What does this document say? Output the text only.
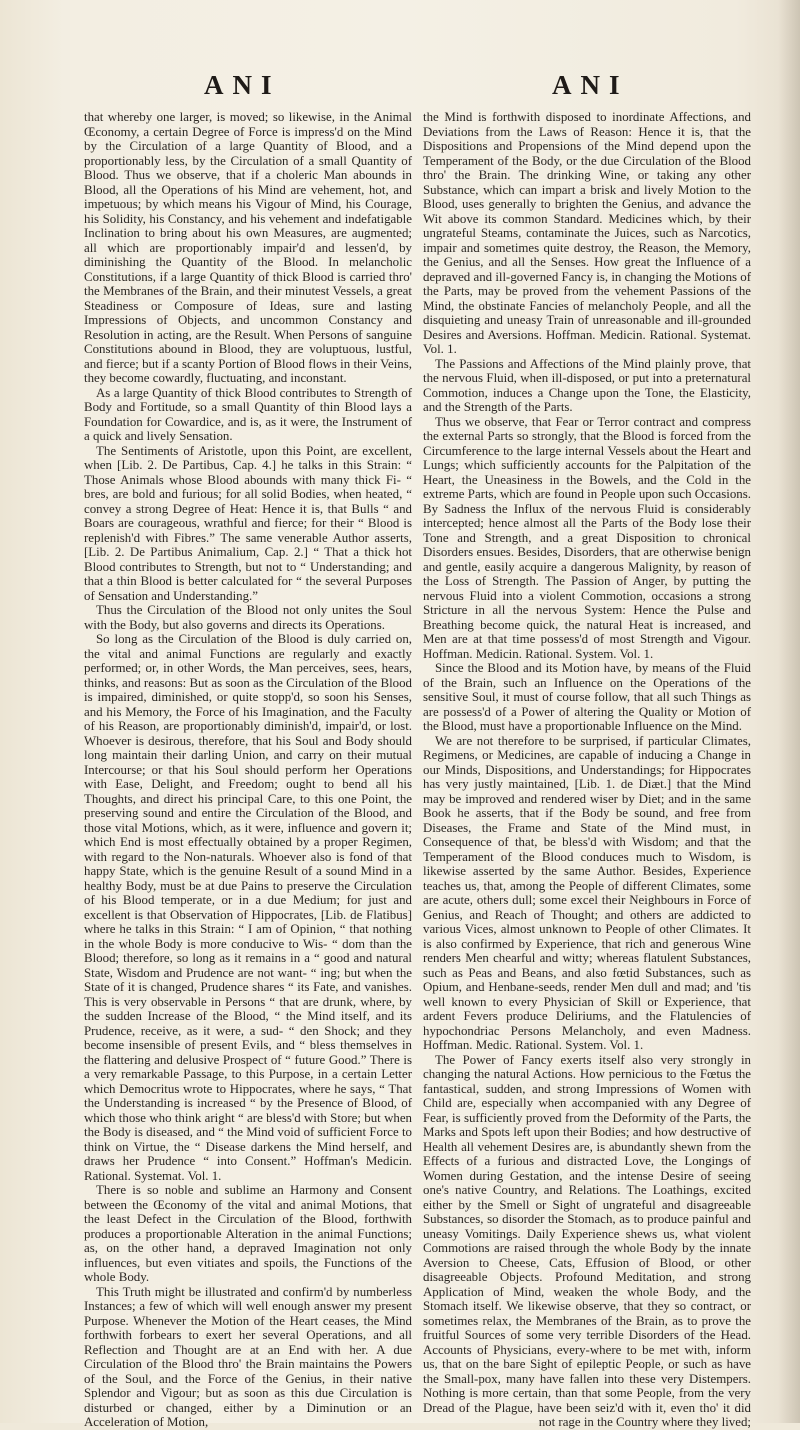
ANI	ANI

that whereby one larger, is moved; so likewise, in the Animal Œconomy, a certain Degree of Force is impress'd on the Mind by the Circulation of a large Quantity of Blood, and a proportionably less, by the Circulation of a small Quantity of Blood. Thus we observe, that if a choleric Man abounds in Blood, all the Operations of his Mind are vehement, hot, and impetuous; by which means his Vigour of Mind, his Courage, his Solidity, his Constancy, and his vehement and indefatigable Inclination to bring about his own Measures, are augmented; all which are proportionably impair'd and lessen'd, by diminishing the Quantity of the Blood. In melancholic Constitutions, if a large Quantity of thick Blood is carried thro' the Membranes of the Brain, and their minutest Vessels, a great Steadiness or Composure of Ideas, sure and lasting Impressions of Objects, and uncommon Constancy and Resolution in acting, are the Result. When Persons of sanguine Constitutions abound in Blood, they are voluptuous, lustful, and fierce; but if a scanty Portion of Blood flows in their Veins, they become cowardly, fluctuating, and inconstant.

As a large Quantity of thick Blood contributes to Strength of Body and Fortitude, so a small Quantity of thin Blood lays a Foundation for Cowardice, and is, as it were, the Instrument of a quick and lively Sensation.

The Sentiments of Aristotle, upon this Point, are excellent, when [Lib. 2. De Partibus, Cap. 4.] he talks in this Strain: “ Those Animals whose Blood abounds with many thick Fi- “ bres, are bold and furious; for all solid Bodies, when heated, “ convey a strong Degree of Heat: Hence it is, that Bulls “ and Boars are courageous, wrathful and fierce; for their “ Blood is replenish'd with Fibres.” The same venerable Author asserts, [Lib. 2. De Partibus Animalium, Cap. 2.] “ That a thick hot Blood contributes to Strength, but not to “ Understanding; and that a thin Blood is better calculated for “ the several Purposes of Sensation and Understanding.”

Thus the Circulation of the Blood not only unites the Soul with the Body, but also governs and directs its Operations.

So long as the Circulation of the Blood is duly carried on, the vital and animal Functions are regularly and exactly performed; or, in other Words, the Man perceives, sees, hears, thinks, and reasons: But as soon as the Circulation of the Blood is impaired, diminished, or quite stopp'd, so soon his Senses, and his Memory, the Force of his Imagination, and the Faculty of his Reason, are proportionably diminish'd, impair'd, or lost. Whoever is desirous, therefore, that his Soul and Body should long maintain their darling Union, and carry on their mutual Intercourse; or that his Soul should perform her Operations with Ease, Delight, and Freedom; ought to bend all his Thoughts, and direct his principal Care, to this one Point, the preserving sound and entire the Circulation of the Blood, and those vital Motions, which, as it were, influence and govern it; which End is most effectually obtained by a proper Regimen, with regard to the Non-naturals. Whoever also is fond of that happy State, which is the genuine Result of a sound Mind in a healthy Body, must be at due Pains to preserve the Circulation of his Blood temperate, or in a due Medium; for just and excellent is that Observation of Hippocrates, [Lib. de Flatibus] where he talks in this Strain: “ I am of Opinion, “ that nothing in the whole Body is more conducive to Wis- “ dom than the Blood; therefore, so long as it remains in a “ good and natural State, Wisdom and Prudence are not want- “ ing; but when the State of it is changed, Prudence shares “ its Fate, and vanishes. This is very observable in Persons “ that are drunk, where, by the sudden Increase of the Blood, “ the Mind itself, and its Prudence, receive, as it were, a sud- “ den Shock; and they become insensible of present Evils, and “ bless themselves in the flattering and delusive Prospect of “ future Good.” There is a very remarkable Passage, to this Purpose, in a certain Letter which Democritus wrote to Hippocrates, where he says, “ That the Understanding is increased “ by the Presence of Blood, of which those who think aright “ are bless'd with Store; but when the Body is diseased, and “ the Mind void of sufficient Force to think on Virtue, the “ Disease darkens the Mind herself, and draws her Prudence “ into Consent.” Hoffman's Medicin. Rational. Systemat. Vol. 1.

There is so noble and sublime an Harmony and Consent between the Œconomy of the vital and animal Motions, that the least Defect in the Circulation of the Blood, forthwith produces a proportionable Alteration in the animal Functions; as, on the other hand, a depraved Imagination not only influences, but even vitiates and spoils, the Functions of the whole Body.

This Truth might be illustrated and confirm'd by numberless Instances; a few of which will well enough answer my present Purpose. Whenever the Motion of the Heart ceases, the Mind forthwith forbears to exert her several Operations, and all Reflection and Thought are at an End with her. A due Circulation of the Blood thro' the Brain maintains the Powers of the Soul, and the Force of the Genius, in their native Splendor and Vigour; but as soon as this due Circulation is disturbed or changed, either by a Diminution or an Acceleration of Motion,

the Mind is forthwith disposed to inordinate Affections, and Deviations from the Laws of Reason: Hence it is, that the Dispositions and Propensions of the Mind depend upon the Temperament of the Body, or the due Circulation of the Blood thro' the Brain. The drinking Wine, or taking any other Substance, which can impart a brisk and lively Motion to the Blood, uses generally to brighten the Genius, and advance the Wit above its common Standard. Medicines which, by their ungrateful Steams, contaminate the Juices, such as Narcotics, impair and sometimes quite destroy, the Reason, the Memory, the Genius, and all the Senses. How great the Influence of a depraved and ill-governed Fancy is, in changing the Motions of the Parts, may be proved from the vehement Passions of the Mind, the obstinate Fancies of melancholy People, and all the disquieting and uneasy Train of unreasonable and ill-grounded Desires and Aversions. Hoffman. Medicin. Rational. Systemat. Vol. 1.

The Passions and Affections of the Mind plainly prove, that the nervous Fluid, when ill-disposed, or put into a preternatural Commotion, induces a Change upon the Tone, the Elasticity, and the Strength of the Parts.

Thus we observe, that Fear or Terror contract and compress the external Parts so strongly, that the Blood is forced from the Circumference to the large internal Vessels about the Heart and Lungs; which sufficiently accounts for the Palpitation of the Heart, the Uneasiness in the Bowels, and the Cold in the extreme Parts, which are found in People upon such Occasions. By Sadness the Influx of the nervous Fluid is considerably intercepted; hence almost all the Parts of the Body lose their Tone and Strength, and a great Disposition to chronical Disorders ensues. Besides, Disorders, that are otherwise benign and gentle, easily acquire a dangerous Malignity, by reason of the Loss of Strength. The Passion of Anger, by putting the nervous Fluid into a violent Commotion, occasions a strong Stricture in all the nervous System: Hence the Pulse and Breathing become quick, the natural Heat is increased, and Men are at that time possess'd of most Strength and Vigour. Hoffman. Medicin. Rational. System. Vol. 1.

Since the Blood and its Motion have, by means of the Fluid of the Brain, such an Influence on the Operations of the sensitive Soul, it must of course follow, that all such Things as are possess'd of a Power of altering the Quality or Motion of the Blood, must have a proportionable Influence on the Mind.

We are not therefore to be surprised, if particular Climates, Regimens, or Medicines, are capable of inducing a Change in our Minds, Dispositions, and Understandings; for Hippocrates has very justly maintained, [Lib. 1. de Diæt.] that the Mind may be improved and rendered wiser by Diet; and in the same Book he asserts, that if the Body be sound, and free from Diseases, the Frame and State of the Mind must, in Consequence of that, be bless'd with Wisdom; and that the Temperament of the Blood conduces much to Wisdom, is likewise asserted by the same Author. Besides, Experience teaches us, that, among the People of different Climates, some are acute, others dull; some excel their Neighbours in Force of Genius, and Reach of Thought; and others are addicted to various Vices, almost unknown to People of other Climates. It is also confirmed by Experience, that rich and generous Wine renders Men chearful and witty; whereas flatulent Substances, such as Peas and Beans, and also fœtid Substances, such as Opium, and Henbane-seeds, render Men dull and mad; and 'tis well known to every Physician of Skill or Experience, that ardent Fevers produce Deliriums, and the Flatulencies of hypochondriac Persons Melancholy, and even Madness. Hoffman. Medic. Rational. System. Vol. 1.

The Power of Fancy exerts itself also very strongly in changing the natural Actions. How pernicious to the Fœtus the fantastical, sudden, and strong Impressions of Women with Child are, especially when accompanied with any Degree of Fear, is sufficiently proved from the Deformity of the Parts, the Marks and Spots left upon their Bodies; and how destructive of Health all vehement Desires are, is abundantly shewn from the Effects of a furious and distracted Love, the Longings of Women during Gestation, and the intense Desire of seeing one's native Country, and Relations. The Loathings, excited either by the Smell or Sight of ungrateful and disagreeable Substances, so disorder the Stomach, as to produce painful and uneasy Vomitings. Daily Experience shews us, what violent Commotions are raised through the whole Body by the innate Aversion to Cheese, Cats, Effusion of Blood, or other disagreeable Objects. Profound Meditation, and strong Application of Mind, weaken the whole Body, and the Stomach itself. We likewise observe, that they so contract, or sometimes relax, the Membranes of the Brain, as to prove the fruitful Sources of some very terrible Disorders of the Head. Accounts of Physicians, every-where to be met with, inform us, that on the bare Sight of epileptic People, or such as have the Small-pox, many have fallen into these very Distempers. Nothing is more certain, than that some People, from the very Dread of the Plague, have been seiz'd with it, even tho' it did not rage in the Country where they lived;
